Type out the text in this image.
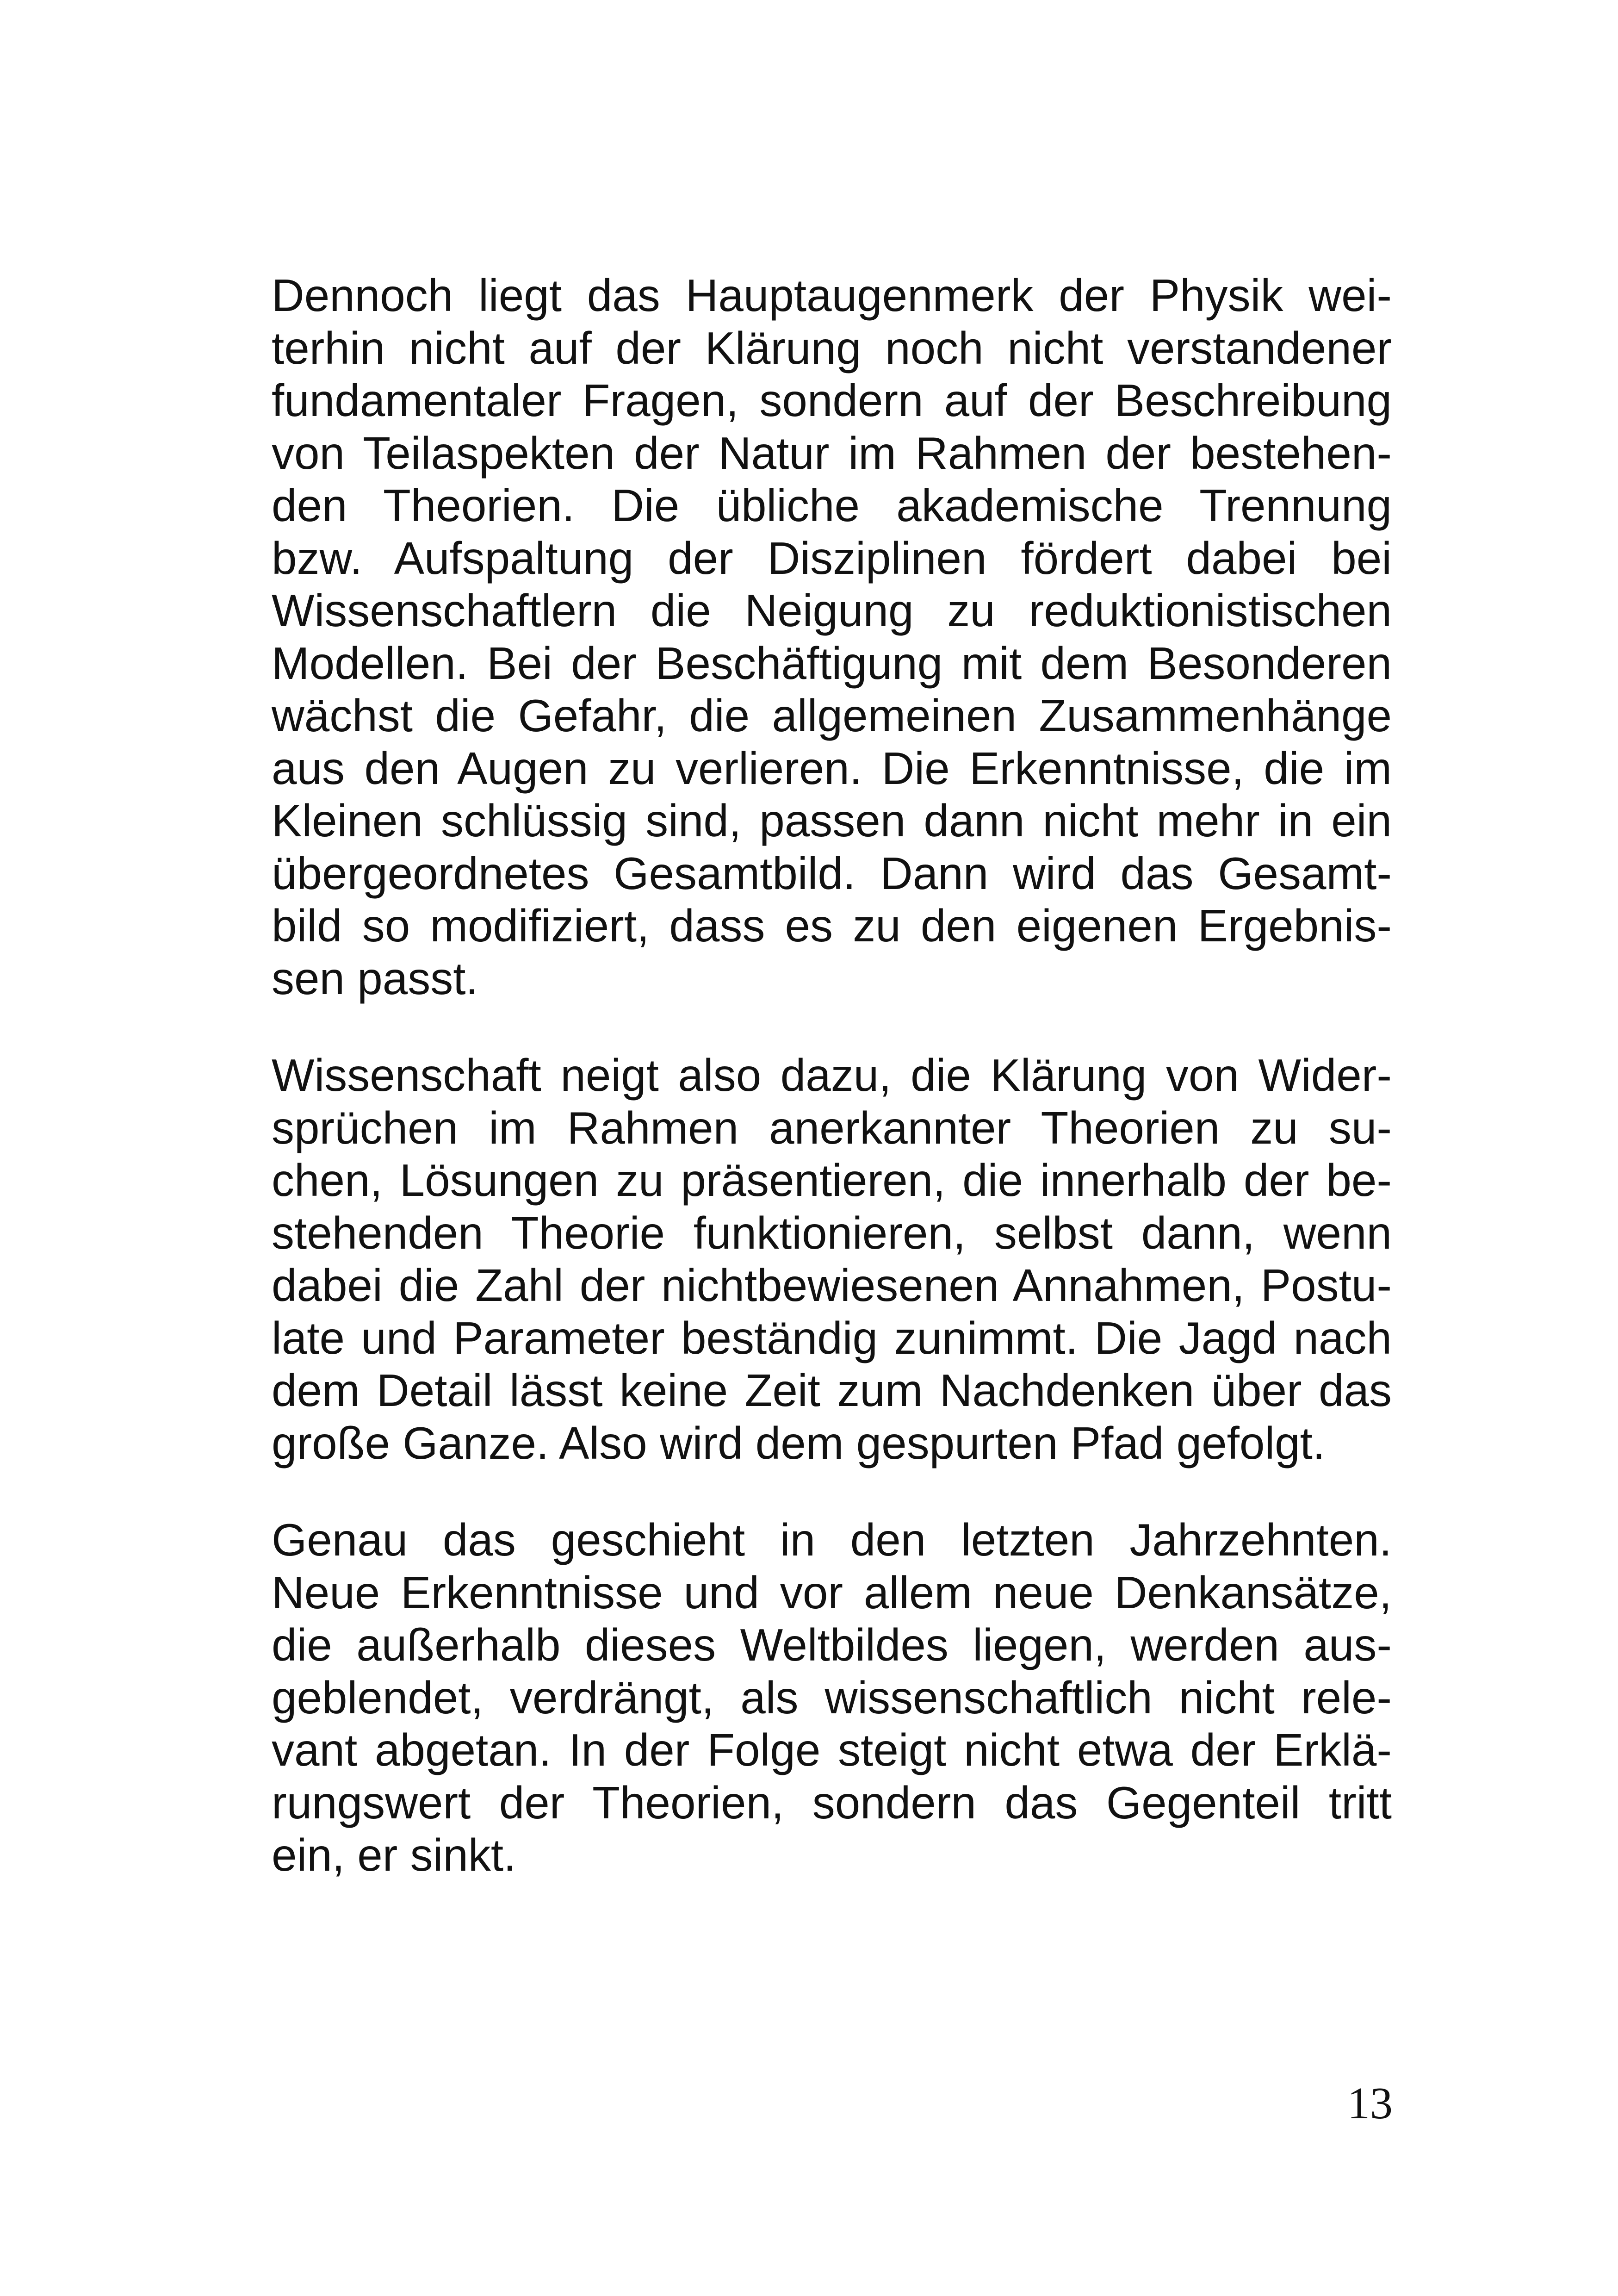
Dennoch liegt das Hauptaugenmerk der Physik wei-
terhin nicht auf der Klärung noch nicht verstandener
fundamentaler Fragen, sondern auf der Beschreibung
von Teilaspekten der Natur im Rahmen der bestehen-
den Theorien. Die übliche akademische Trennung
bzw. Aufspaltung der Disziplinen fördert dabei bei
Wissenschaftlern die Neigung zu reduktionistischen
Modellen. Bei der Beschäftigung mit dem Besonderen
wächst die Gefahr, die allgemeinen Zusammenhänge
aus den Augen zu verlieren. Die Erkenntnisse, die im
Kleinen schlüssig sind, passen dann nicht mehr in ein
übergeordnetes Gesamtbild. Dann wird das Gesamt-
bild so modifiziert, dass es zu den eigenen Ergebnis-
sen passt.

Wissenschaft neigt also dazu, die Klärung von Wider-
sprüchen im Rahmen anerkannter Theorien zu su-
chen, Lösungen zu präsentieren, die innerhalb der be-
stehenden Theorie funktionieren, selbst dann, wenn
dabei die Zahl der nichtbewiesenen Annahmen, Postu-
late und Parameter beständig zunimmt. Die Jagd nach
dem Detail lässt keine Zeit zum Nachdenken über das
große Ganze. Also wird dem gespurten Pfad gefolgt.

Genau das geschieht in den letzten Jahrzehnten.
Neue Erkenntnisse und vor allem neue Denkansätze,
die außerhalb dieses Weltbildes liegen, werden aus-
geblendet, verdrängt, als wissenschaftlich nicht rele-
vant abgetan. In der Folge steigt nicht etwa der Erklä-
rungswert der Theorien, sondern das Gegenteil tritt
ein, er sinkt.

13
